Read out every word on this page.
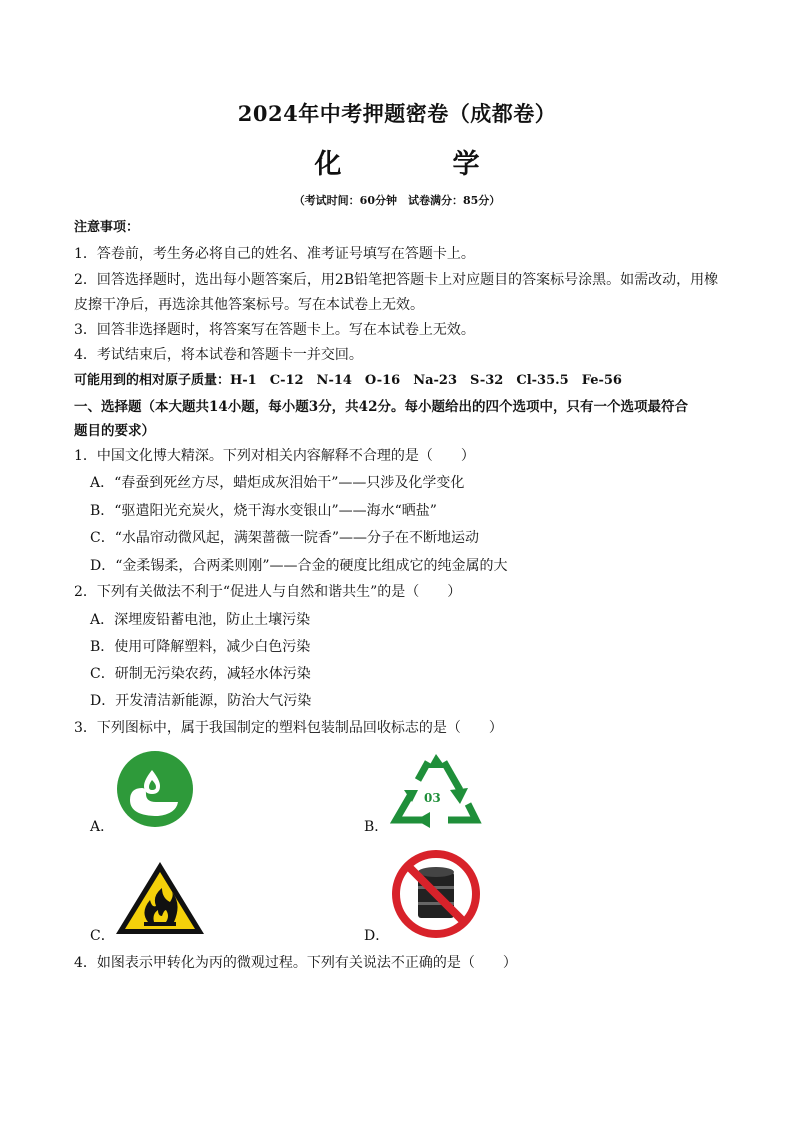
2024年中考押题密卷（成都卷）
化　学
（考试时间：60分钟　试卷满分：85分）
注意事项：
1．答卷前，考生务必将自己的姓名、准考证号填写在答题卡上。
2．回答选择题时，选出每小题答案后，用2B铅笔把答题卡上对应题目的答案标号涂黑。如需改动，用橡
皮擦干净后，再选涂其他答案标号。写在本试卷上无效。
3．回答非选择题时，将答案写在答题卡上。写在本试卷上无效。
4．考试结束后，将本试卷和答题卡一并交回。
可能用到的相对原子质量：H-1　C-12　N-14　O-16　Na-23　S-32　Cl-35.5　Fe-56
一、选择题（本大题共14小题，每小题3分，共42分。每小题给出的四个选项中，只有一个选项最符合
题目的要求）
1．中国文化博大精深。下列对相关内容解释不合理的是（　　）
A．“春蚕到死丝方尽，蜡炬成灰泪始干”——只涉及化学变化
B．“驱遣阳光充炭火，烧干海水变银山”——海水“晒盐”
C．“水晶帘动微风起，满架蔷薇一院香”——分子在不断地运动
D．“金柔锡柔，合两柔则刚”——合金的硬度比组成它的纯金属的大
2．下列有关做法不利于“促进人与自然和谐共生”的是（　　）
A．深埋废铅蓄电池，防止土壤污染
B．使用可降解塑料，减少白色污染
C．研制无污染农药，减轻水体污染
D．开发清洁新能源，防治大气污染
3．下列图标中，属于我国制定的塑料包装制品回收标志的是（　　）
A．
03
B．
C．	D．
4．如图表示甲转化为丙的微观过程。下列有关说法不正确的是（　　）
